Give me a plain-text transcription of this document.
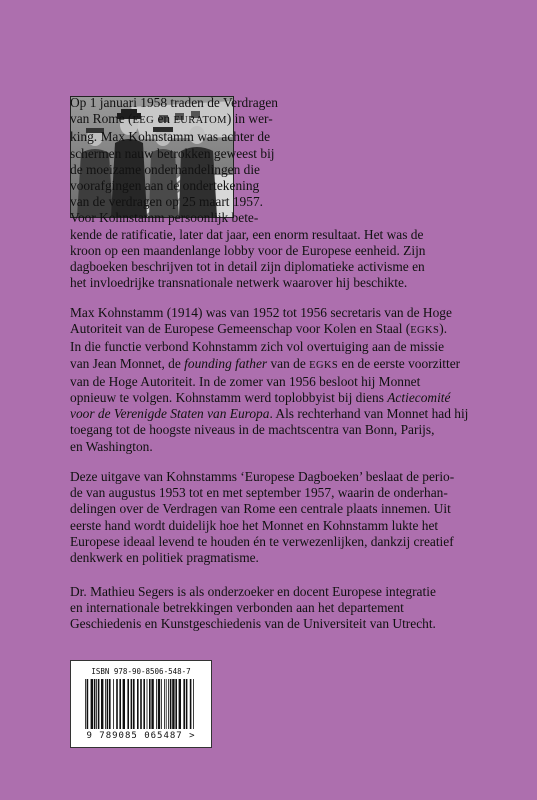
Op 1 januari 1958 traden de Verdragen
van Rome (EEG en EURATOM) in wer-
king. Max Kohnstamm was achter de
schermen nauw betrokken geweest bij
de moeizame onderhandelingen die
voorafgingen aan de ondertekening
van de verdragen op 25 maart 1957.
Voor Kohnstamm persoonlijk bete-
kende de ratificatie, later dat jaar, een enorm resultaat. Het was de
kroon op een maandenlange lobby voor de Europese eenheid. Zijn
dagboeken beschrijven tot in detail zijn diplomatieke activisme en
het invloedrijke transnationale netwerk waarover hij beschikte.

Max Kohnstamm (1914) was van 1952 tot 1956 secretaris van de Hoge
Autoriteit van de Europese Gemeenschap voor Kolen en Staal (EGKS).
In die functie verbond Kohnstamm zich vol overtuiging aan de missie
van Jean Monnet, de founding father van de EGKS en de eerste voorzitter
van de Hoge Autoriteit. In de zomer van 1956 besloot hij Monnet
opnieuw te volgen. Kohnstamm werd toplobbyist bij diens Actiecomité
voor de Verenigde Staten van Europa. Als rechterhand van Monnet had hij
toegang tot de hoogste niveaus in de machtscentra van Bonn, Parijs,
en Washington.

Deze uitgave van Kohnstamms ‘Europese Dagboeken’ beslaat de perio-
de van augustus 1953 tot en met september 1957, waarin de onderhan-
delingen over de Verdragen van Rome een centrale plaats innemen. Uit
eerste hand wordt duidelijk hoe het Monnet en Kohnstamm lukte het
Europese ideaal levend te houden én te verwezenlijken, dankzij creatief
denkwerk en politiek pragmatisme.

Dr. Mathieu Segers is als onderzoeker en docent Europese integratie
en internationale betrekkingen verbonden aan het departement
Geschiedenis en Kunstgeschiedenis van de Universiteit van Utrecht.

ISBN 978-90-8506-548-7
9 789085 065487 >
